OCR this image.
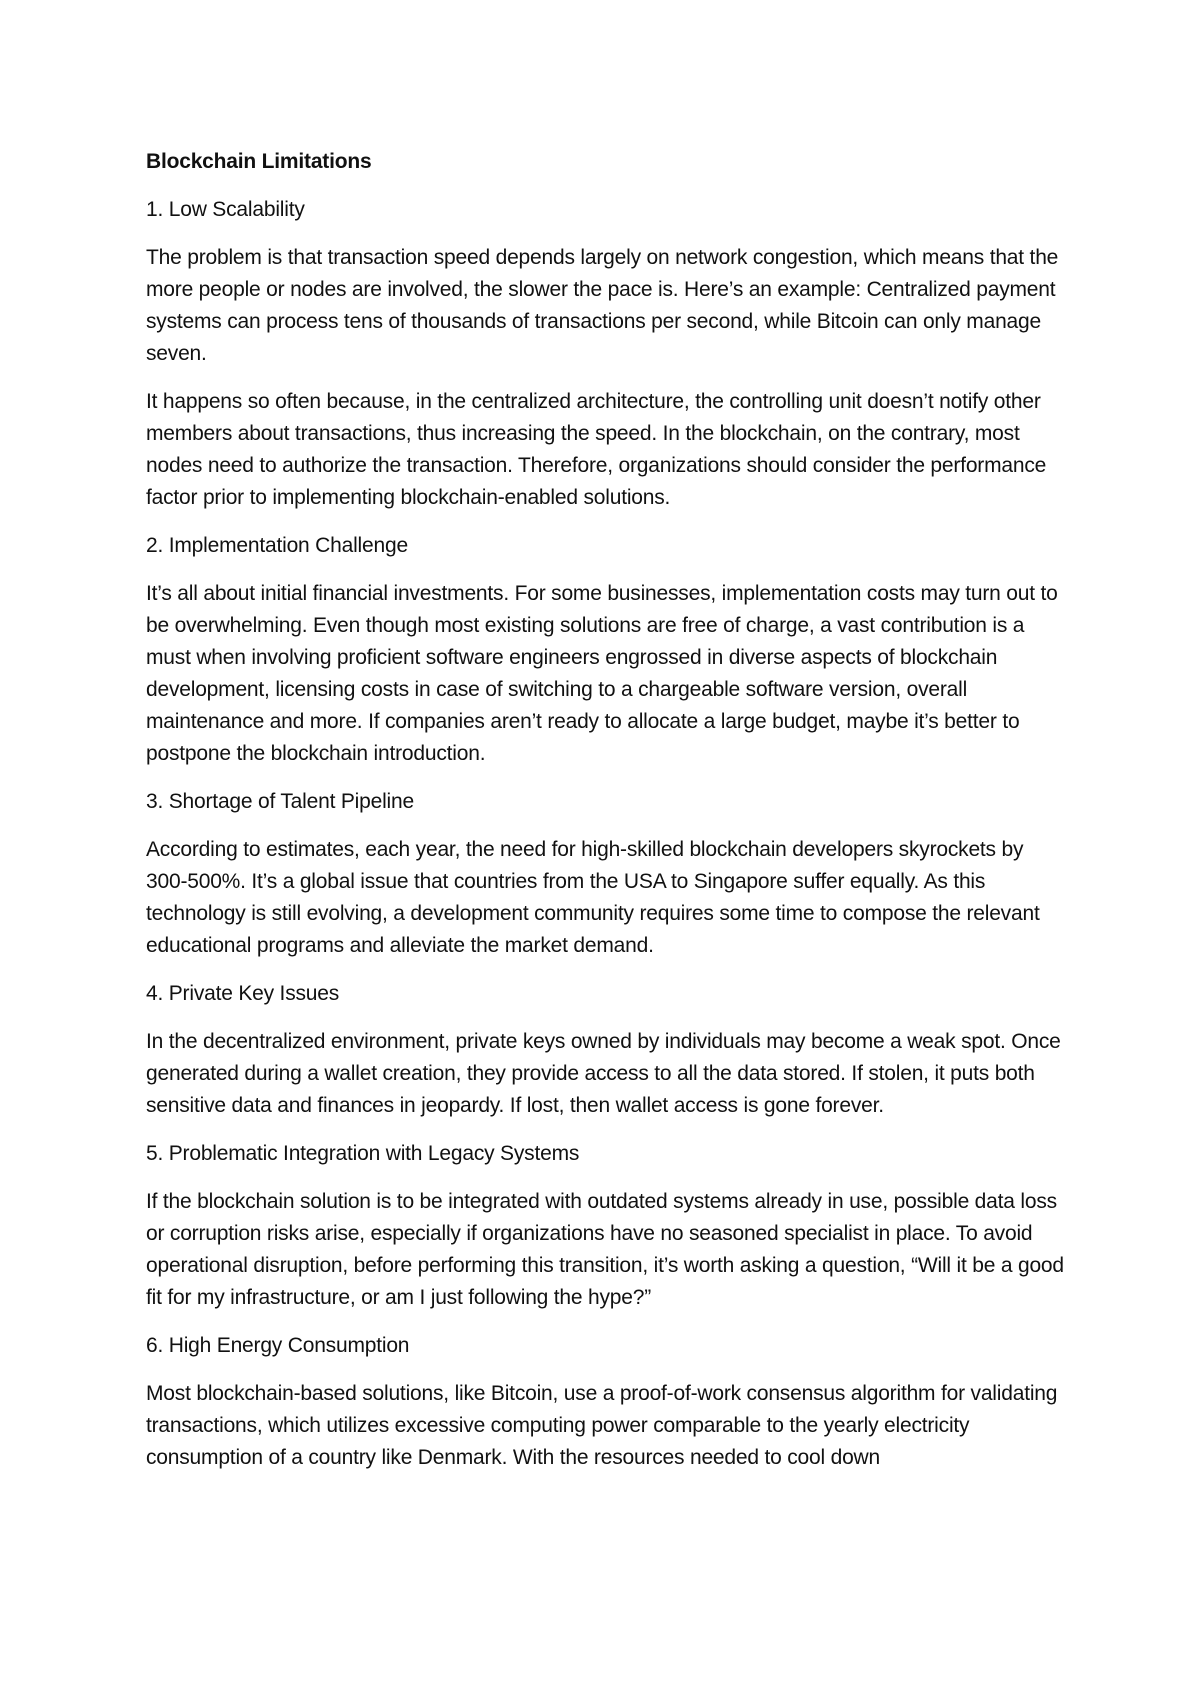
Blockchain Limitations

1. Low Scalability

The problem is that transaction speed depends largely on network congestion, which means that the more people or nodes are involved, the slower the pace is. Here’s an example: Centralized payment systems can process tens of thousands of transactions per second, while Bitcoin can only manage seven.

It happens so often because, in the centralized architecture, the controlling unit doesn’t notify other members about transactions, thus increasing the speed. In the blockchain, on the contrary, most nodes need to authorize the transaction. Therefore, organizations should consider the performance factor prior to implementing blockchain-enabled solutions.

2. Implementation Challenge

It’s all about initial financial investments. For some businesses, implementation costs may turn out to be overwhelming. Even though most existing solutions are free of charge, a vast contribution is a must when involving proficient software engineers engrossed in diverse aspects of blockchain development, licensing costs in case of switching to a chargeable software version, overall maintenance and more. If companies aren’t ready to allocate a large budget, maybe it’s better to postpone the blockchain introduction.

3. Shortage of Talent Pipeline

According to estimates, each year, the need for high-skilled blockchain developers skyrockets by 300-500%. It’s a global issue that countries from the USA to Singapore suffer equally. As this technology is still evolving, a development community requires some time to compose the relevant educational programs and alleviate the market demand.

4. Private Key Issues

In the decentralized environment, private keys owned by individuals may become a weak spot. Once generated during a wallet creation, they provide access to all the data stored. If stolen, it puts both sensitive data and finances in jeopardy. If lost, then wallet access is gone forever.

5. Problematic Integration with Legacy Systems

If the blockchain solution is to be integrated with outdated systems already in use, possible data loss or corruption risks arise, especially if organizations have no seasoned specialist in place. To avoid operational disruption, before performing this transition, it’s worth asking a question, “Will it be a good fit for my infrastructure, or am I just following the hype?”

6. High Energy Consumption

Most blockchain-based solutions, like Bitcoin, use a proof-of-work consensus algorithm for validating transactions, which utilizes excessive computing power comparable to the yearly electricity consumption of a country like Denmark. With the resources needed to cool down
